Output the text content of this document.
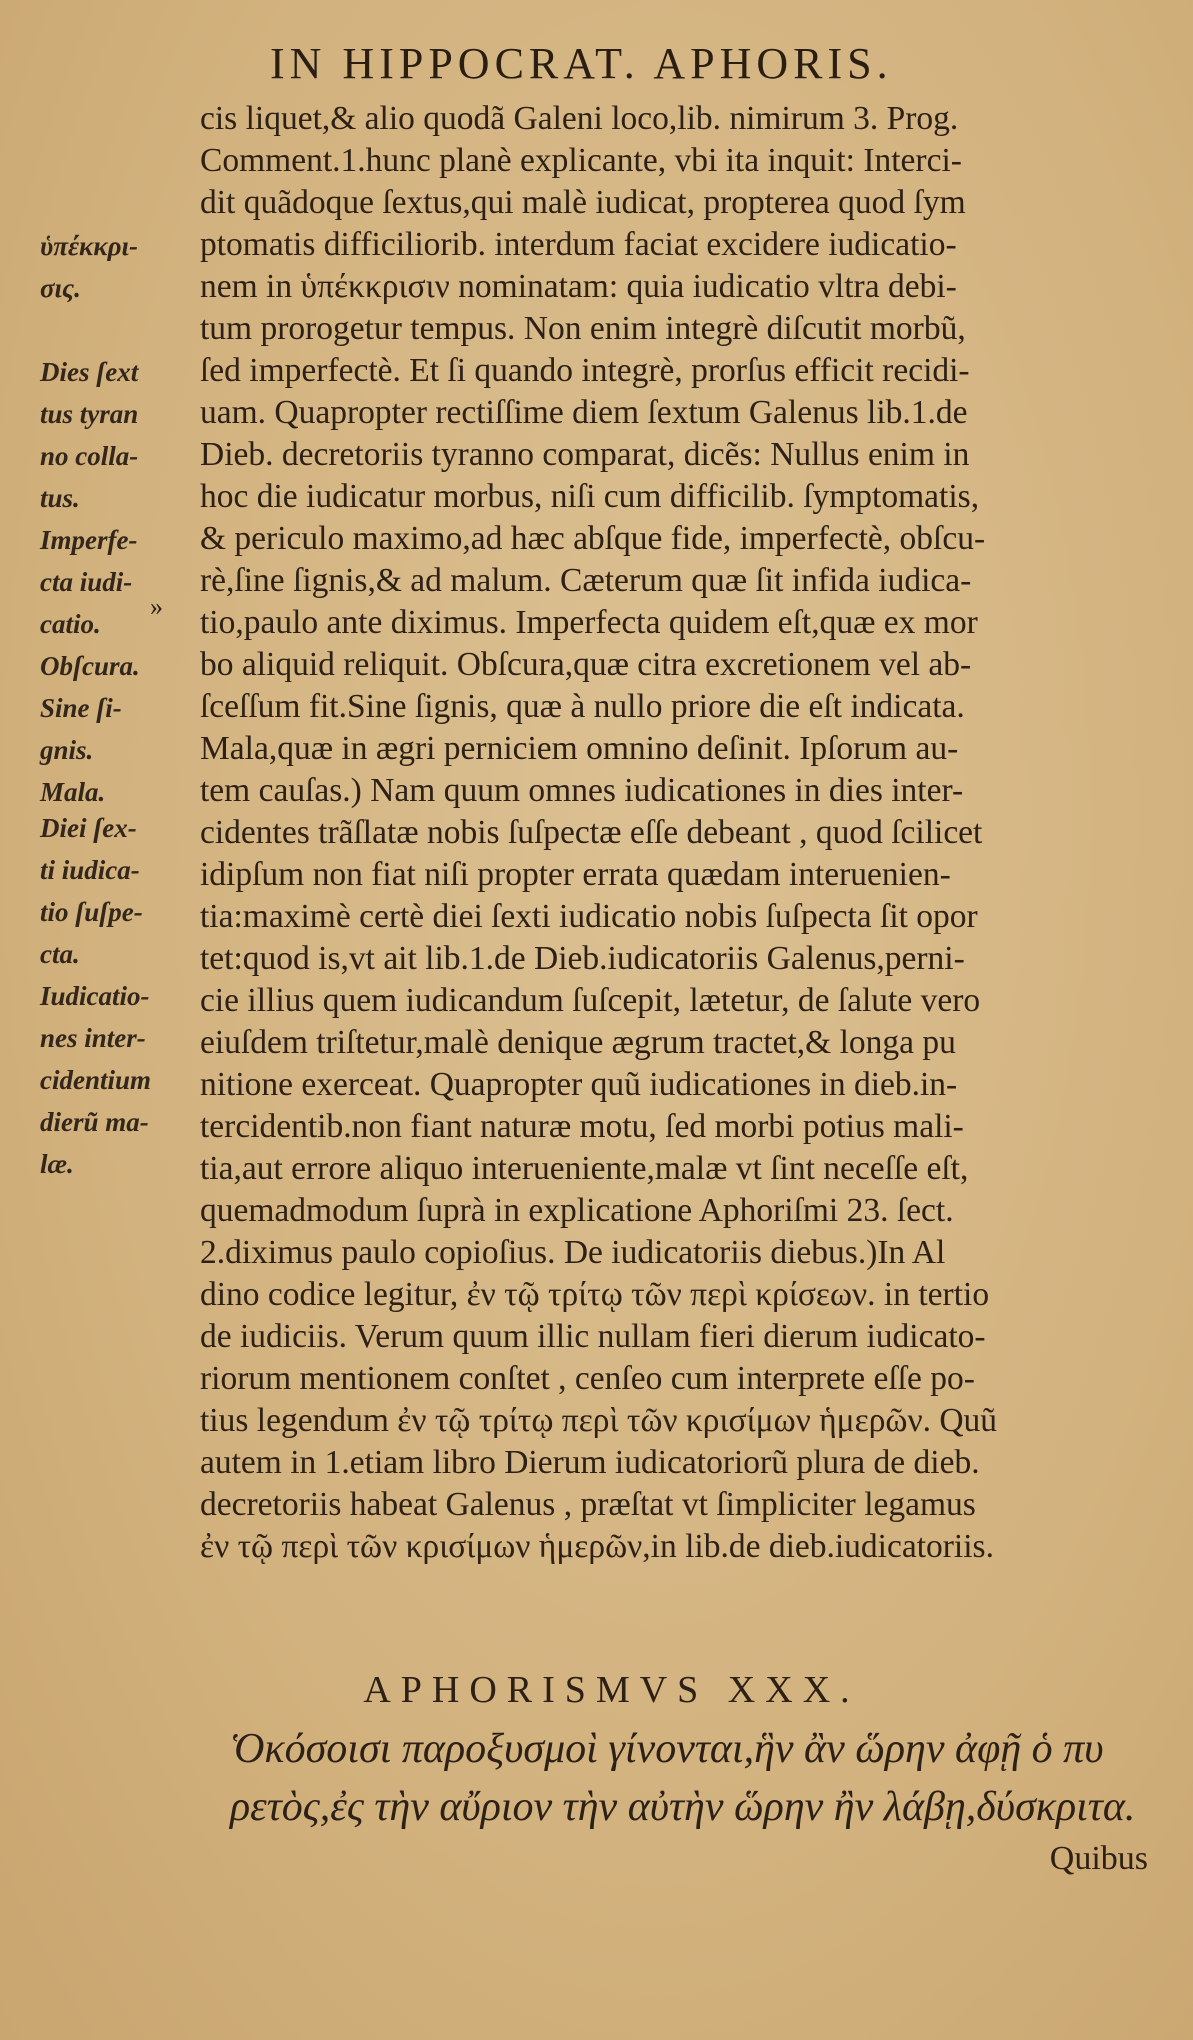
IN HIPPOCRAT. APHORIS.
cis liquet,& alio quodã Galeni loco,lib. nimirum 3. Prog.
Comment.1.hunc planè explicante, vbi ita inquit: Interci-
dit quãdoque ſextus,qui malè iudicat, propterea quod ſym
ptomatis difficiliorib. interdum faciat excidere iudicatio-
nem in ὑπέκκρισιν nominatam: quia iudicatio vltra debi-
tum prorogetur tempus. Non enim integrè diſcutit morbũ,
ſed imperfectè. Et ſi quando integrè, prorſus efficit recidi-
uam. Quapropter rectiſſime diem ſextum Galenus lib.1.de
Dieb. decretoriis tyranno comparat, dicẽs: Nullus enim in
hoc die iudicatur morbus, niſi cum difficilib. ſymptomatis,
& periculo maximo,ad hæc abſque fide, imperfectè, obſcu-
rè,ſine ſignis,& ad malum. Cæterum quæ ſit infida iudica-
tio,paulo ante diximus. Imperfecta quidem eſt,quæ ex mor
bo aliquid reliquit. Obſcura,quæ citra excretionem vel ab-
ſceſſum fit.Sine ſignis, quæ à nullo priore die eſt indicata.
Mala,quæ in ægri perniciem omnino deſinit. Ipſorum au-
tem cauſas.) Nam quum omnes iudicationes in dies inter-
cidentes trãſlatæ nobis ſuſpectæ eſſe debeant , quod ſcilicet
idipſum non fiat niſi propter errata quædam interuenien-
tia:maximè certè diei ſexti iudicatio nobis ſuſpecta ſit opor
tet:quod is,vt ait lib.1.de Dieb.iudicatoriis Galenus,perni-
cie illius quem iudicandum ſuſcepit, lætetur, de ſalute vero
eiuſdem triſtetur,malè denique ægrum tractet,& longa pu
nitione exerceat. Quapropter quũ iudicationes in dieb.in-
tercidentib.non fiant naturæ motu, ſed morbi potius mali-
tia,aut errore aliquo interueniente,malæ vt ſint neceſſe eſt,
quemadmodum ſuprà in explicatione Aphoriſmi 23. ſect.
2.diximus paulo copioſius. De iudicatoriis diebus.)In Al
dino codice legitur, ἐν τῷ τρίτῳ τῶν περὶ κρίσεων. in tertio
de iudiciis. Verum quum illic nullam fieri dierum iudicato-
riorum mentionem conſtet , cenſeo cum interprete eſſe po-
tius legendum ἐν τῷ τρίτῳ περὶ τῶν κρισίμων ἡμερῶν. Quũ
autem in 1.etiam libro Dierum iudicatoriorũ plura de dieb.
decretoriis habeat Galenus , præſtat vt ſimpliciter legamus
ἐν τῷ περὶ τῶν κρισίμων ἡμερῶν,in lib.de dieb.iudicatoriis.
ὑπέκκρι-
σις.
Dies ſext
tus tyran
no colla-
tus.
Imperfe-
cta iudi-
catio.
Obſcura.
Sine ſi-
gnis.
Mala.
Diei ſex-
ti iudica-
tio ſuſpe-
cta.
Iudicatio-
nes inter-
cidentium
dierũ ma-
læ.
»
APHORISMVS XXX.
Ὁκόσοισι παροξυσμοὶ γίνονται,ἣν ἂν ὥρην ἀφῇ ὁ πυ
ρετὸς,ἐς τὴν αὔριον τὴν αὐτὴν ὥρην ἢν λάβῃ,δύσκριτα.
Quibus
